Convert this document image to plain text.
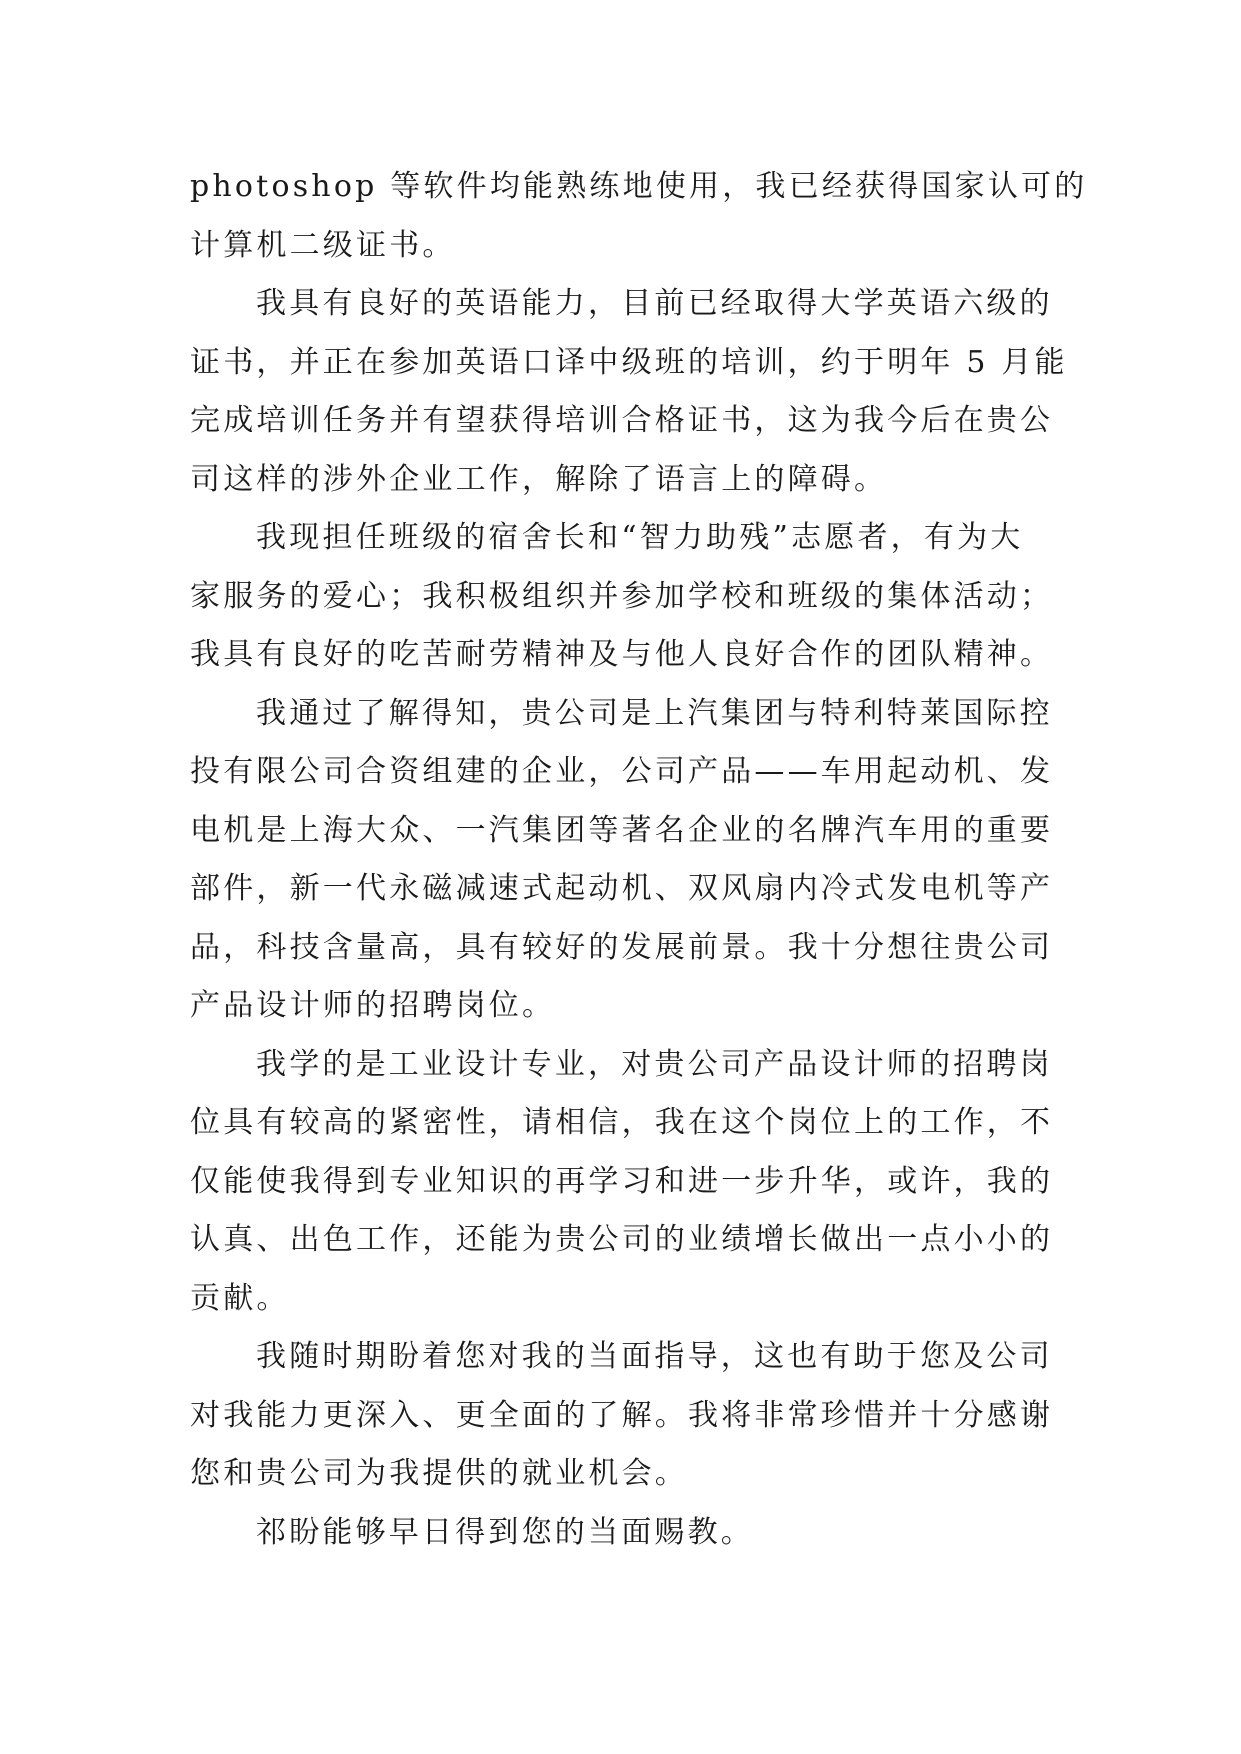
photoshop 等软件均能熟练地使用，我已经获得国家认可的
计算机二级证书。
我具有良好的英语能力，目前已经取得大学英语六级的
证书，并正在参加英语口译中级班的培训，约于明年 5 月能
完成培训任务并有望获得培训合格证书，这为我今后在贵公
司这样的涉外企业工作，解除了语言上的障碍。
我现担任班级的宿舍长和“智力助残”志愿者，有为大
家服务的爱心；我积极组织并参加学校和班级的集体活动；
我具有良好的吃苦耐劳精神及与他人良好合作的团队精神。
我通过了解得知，贵公司是上汽集团与特利特莱国际控
投有限公司合资组建的企业，公司产品——车用起动机、发
电机是上海大众、一汽集团等著名企业的名牌汽车用的重要
部件，新一代永磁减速式起动机、双风扇内冷式发电机等产
品，科技含量高，具有较好的发展前景。我十分想往贵公司
产品设计师的招聘岗位。
我学的是工业设计专业，对贵公司产品设计师的招聘岗
位具有较高的紧密性，请相信，我在这个岗位上的工作，不
仅能使我得到专业知识的再学习和进一步升华，或许，我的
认真、出色工作，还能为贵公司的业绩增长做出一点小小的
贡献。
我随时期盼着您对我的当面指导，这也有助于您及公司
对我能力更深入、更全面的了解。我将非常珍惜并十分感谢
您和贵公司为我提供的就业机会。
祁盼能够早日得到您的当面赐教。
